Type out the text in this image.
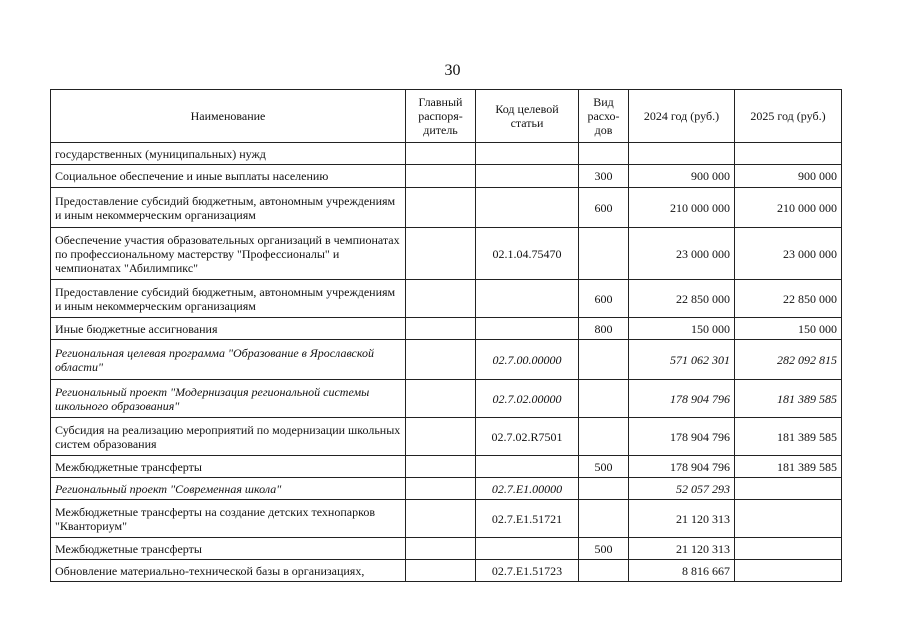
30
Наименование	Главный распоря-дитель	Код целевой статьи	Вид расхо-дов	2024 год (руб.)	2025 год (руб.)
государственных (муниципальных) нужд					
Социальное обеспечение и иные выплаты населению			300	900 000	900 000
Предоставление субсидий бюджетным, автономным учреждениям и иным некоммерческим организациям			600	210 000 000	210 000 000
Обеспечение участия образовательных организаций в чемпионатах по профессиональному мастерству "Профессионалы" и чемпионатах "Абилимпикс"		02.1.04.75470		23 000 000	23 000 000
Предоставление субсидий бюджетным, автономным учреждениям и иным некоммерческим организациям			600	22 850 000	22 850 000
Иные бюджетные ассигнования			800	150 000	150 000
Региональная целевая программа "Образование в Ярославской области"		02.7.00.00000		571 062 301	282 092 815
Региональный проект "Модернизация региональной системы школьного образования"		02.7.02.00000		178 904 796	181 389 585
Субсидия на реализацию мероприятий по модернизации школьных систем образования		02.7.02.R7501		178 904 796	181 389 585
Межбюджетные трансферты			500	178 904 796	181 389 585
Региональный проект "Современная школа"		02.7.E1.00000		52 057 293	
Межбюджетные трансферты на создание детских технопарков "Кванториум"		02.7.E1.51721		21 120 313	
Межбюджетные трансферты			500	21 120 313	
Обновление материально-технической базы в организациях,		02.7.E1.51723		8 816 667	
